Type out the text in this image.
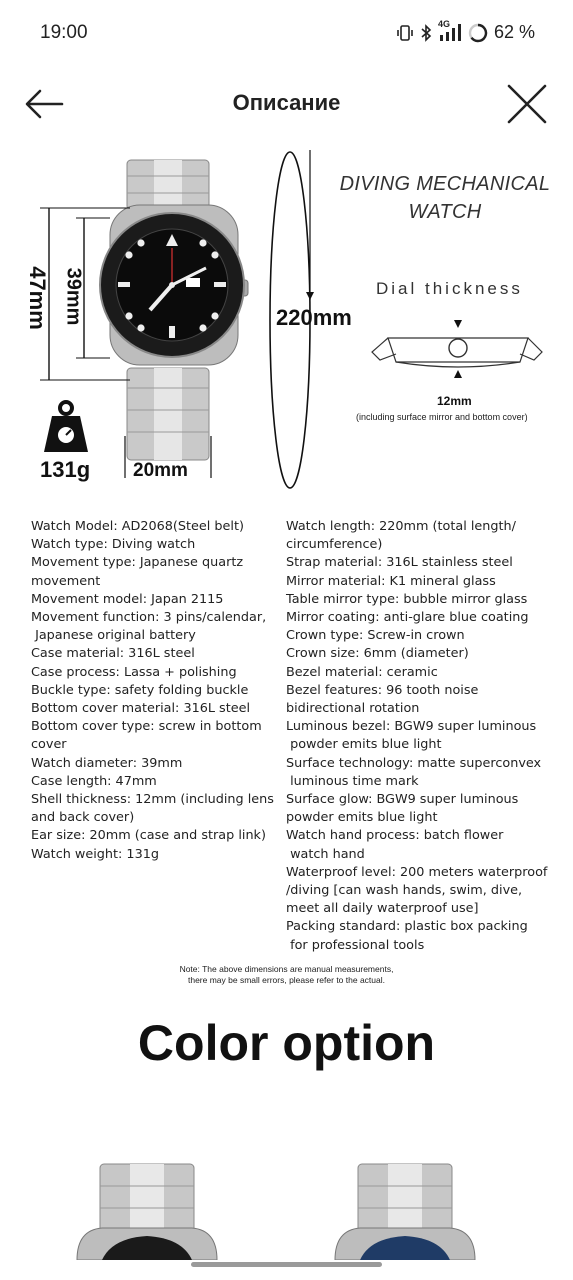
19:00	4G 62 %
Описание
DIVING MECHANICAL
WATCH
Dial thickness
47mm 39mm	220mm
131g 20mm
12mm
(including surface mirror and bottom cover)
Watch Model: AD2068(Steel belt)
Watch type: Diving watch
Movement type: Japanese quartz
movement
Movement model: Japan 2115
Movement function: 3 pins/calendar,
Japanese original battery
Case material: 316L steel
Case process: Lassa + polishing
Buckle type: safety folding buckle
Bottom cover material: 316L steel
Bottom cover type: screw in bottom
cover
Watch diameter: 39mm
Case length: 47mm
Shell thickness: 12mm (including lens
and back cover)
Ear size: 20mm (case and strap link)
Watch weight: 131g
Watch length: 220mm (total length/
circumference)
Strap material: 316L stainless steel
Mirror material: K1 mineral glass
Table mirror type: bubble mirror glass
Mirror coating: anti-glare blue coating
Crown type: Screw-in crown
Crown size: 6mm (diameter)
Bezel material: ceramic
Bezel features: 96 tooth noise
bidirectional rotation
Luminous bezel: BGW9 super luminous
powder emits blue light
Surface technology: matte superconvex
luminous time mark
Surface glow: BGW9 super luminous
powder emits blue light
Watch hand process: batch flower
watch hand
Waterproof level: 200 meters waterproof
/diving [can wash hands, swim, dive,
meet all daily waterproof use]
Packing standard: plastic box packing
for professional tools
Note: The above dimensions are manual measurements,
there may be small errors, please refer to the actual.
Color option
